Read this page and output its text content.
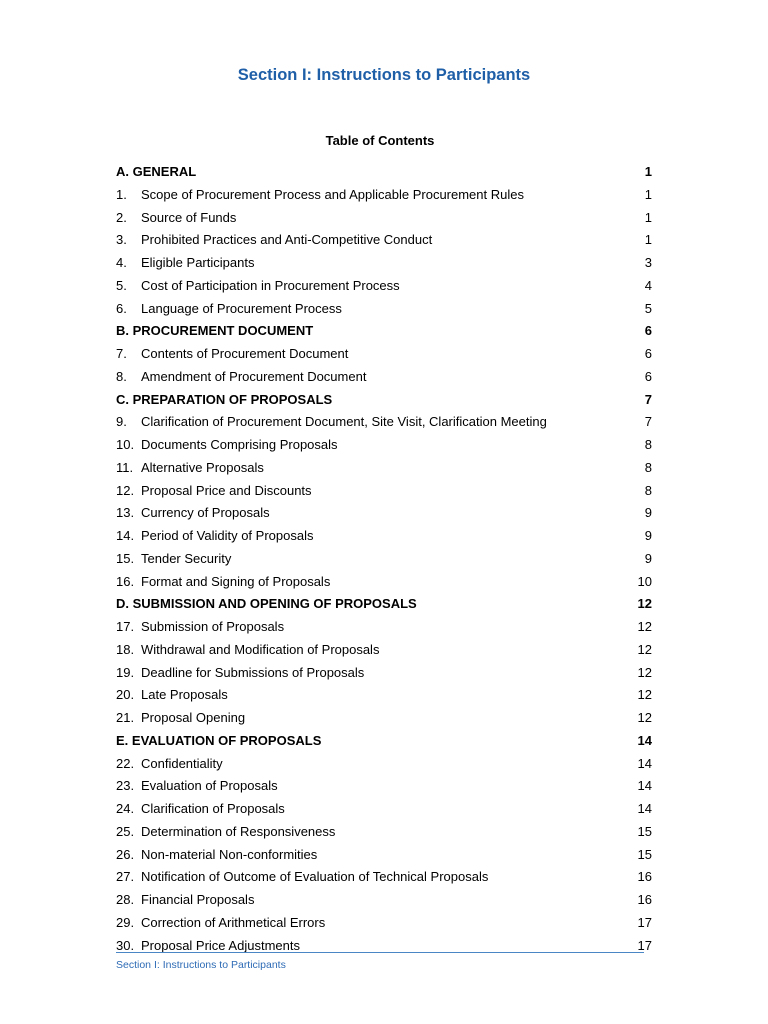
Section I: Instructions to Participants
Table of Contents
A. GENERAL	1
1. Scope of Procurement Process and Applicable Procurement Rules	1
2. Source of Funds	1
3. Prohibited Practices and Anti-Competitive Conduct	1
4. Eligible Participants	3
5. Cost of Participation in Procurement Process	4
6. Language of Procurement Process	5
B. PROCUREMENT DOCUMENT	6
7. Contents of Procurement Document	6
8. Amendment of Procurement Document	6
C. PREPARATION OF PROPOSALS	7
9. Clarification of Procurement Document, Site Visit, Clarification Meeting	7
10. Documents Comprising Proposals	8
11. Alternative Proposals	8
12. Proposal Price and Discounts	8
13. Currency of Proposals	9
14. Period of Validity of Proposals	9
15. Tender Security	9
16. Format and Signing of Proposals	10
D. SUBMISSION AND OPENING OF PROPOSALS	12
17. Submission of Proposals	12
18. Withdrawal and Modification of Proposals	12
19. Deadline for Submissions of Proposals	12
20. Late Proposals	12
21. Proposal Opening	12
E. EVALUATION OF PROPOSALS	14
22. Confidentiality	14
23. Evaluation of Proposals	14
24. Clarification of Proposals	14
25. Determination of Responsiveness	15
26. Non-material Non-conformities	15
27. Notification of Outcome of Evaluation of Technical Proposals	16
28. Financial Proposals	16
29. Correction of Arithmetical Errors	17
30. Proposal Price Adjustments	17
Section I: Instructions to Participants
